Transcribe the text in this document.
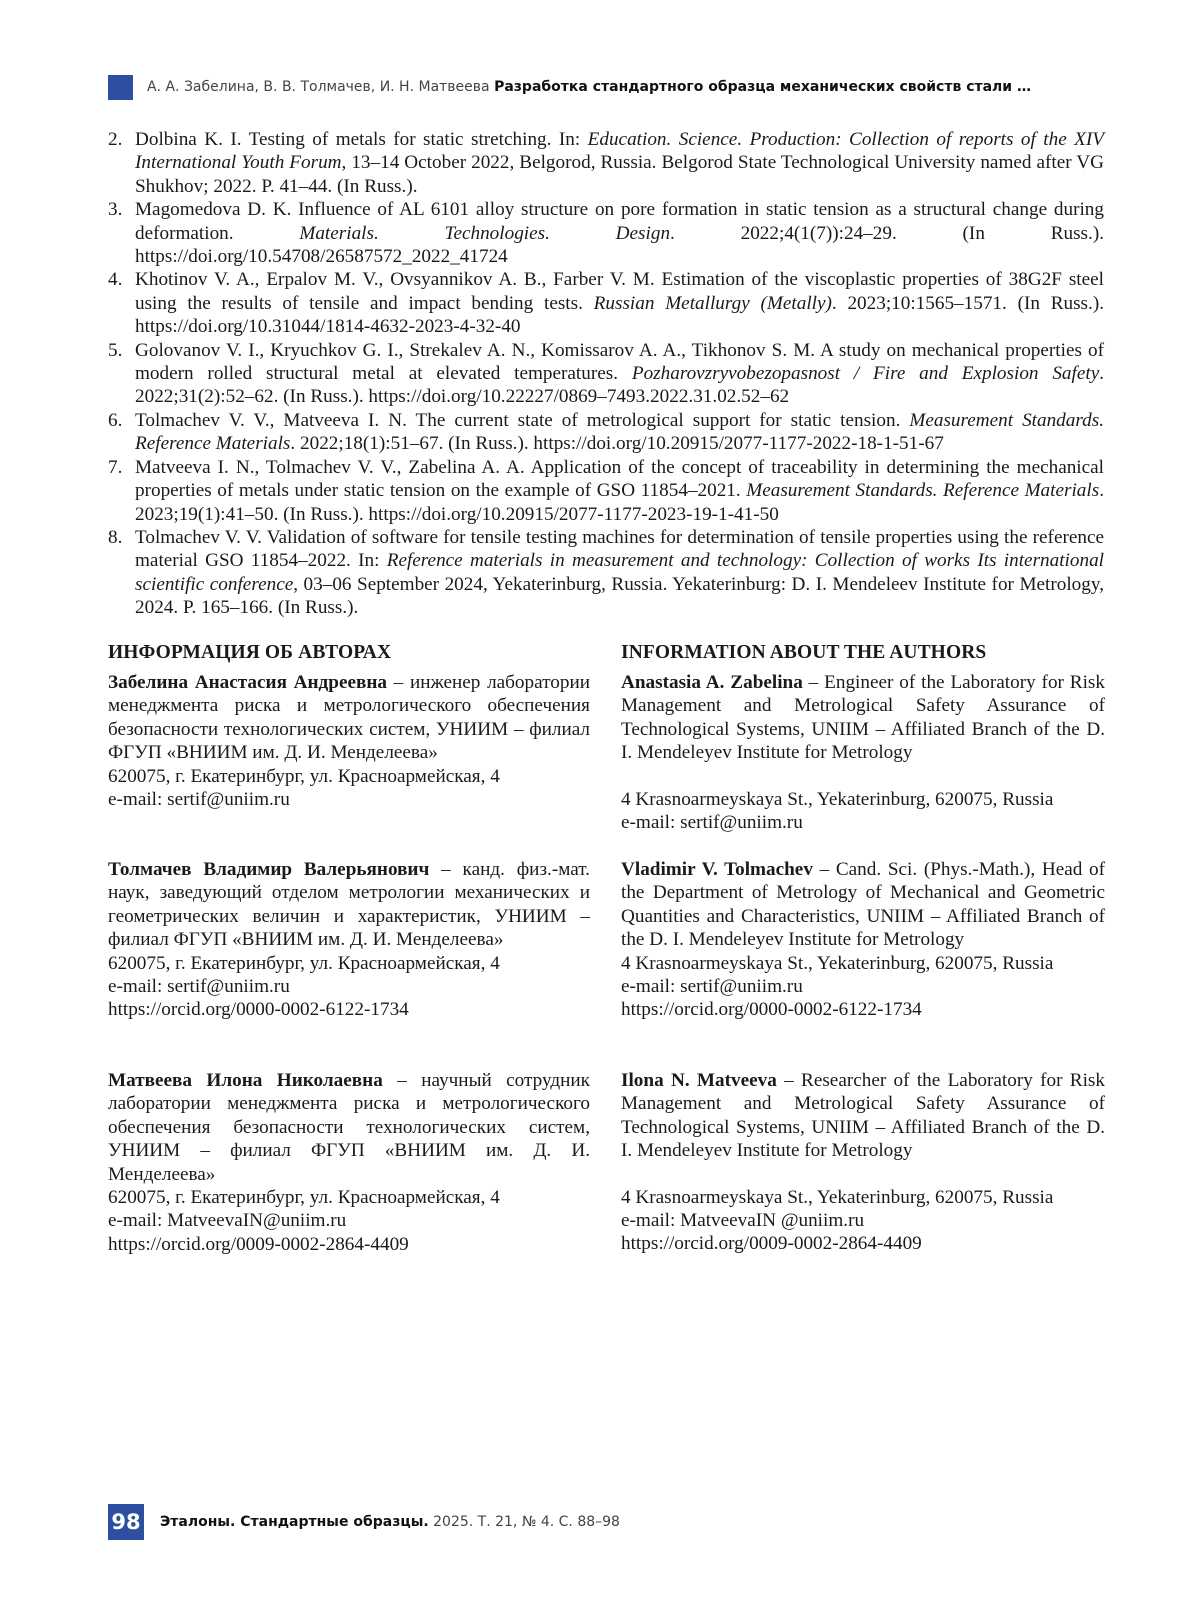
А. А. Забелина, В. В. Толмачев, И. Н. Матвеева Разработка стандартного образца механических свойств стали …
2. Dolbina K. I. Testing of metals for static stretching. In: Education. Science. Production: Collection of reports of the XIV International Youth Forum, 13–14 October 2022, Belgorod, Russia. Belgorod State Technological University named after VG Shukhov; 2022. P. 41–44. (In Russ.).
3. Magomedova D. K. Influence of AL 6101 alloy structure on pore formation in static tension as a structural change during deformation. Materials. Technologies. Design. 2022;4(1(7)):24–29. (In Russ.). https://doi.org/10.54708/26587572_2022_41724
4. Khotinov V. A., Erpalov M. V., Ovsyannikov A. B., Farber V. M. Estimation of the viscoplastic properties of 38G2F steel using the results of tensile and impact bending tests. Russian Metallurgy (Metally). 2023;10:1565–1571. (In Russ.). https://doi.org/10.31044/1814-4632-2023-4-32-40
5. Golovanov V. I., Kryuchkov G. I., Strekalev A. N., Komissarov A. A., Tikhonov S. M. A study on mechanical properties of modern rolled structural metal at elevated temperatures. Pozharovzryvobezopasnost / Fire and Explosion Safety. 2022;31(2):52–62. (In Russ.). https://doi.org/10.22227/0869–7493.2022.31.02.52–62
6. Tolmachev V. V., Matveeva I. N. The current state of metrological support for static tension. Measurement Standards. Reference Materials. 2022;18(1):51–67. (In Russ.). https://doi.org/10.20915/2077-1177-2022-18-1-51-67
7. Matveeva I. N., Tolmachev V. V., Zabelina A. A. Application of the concept of traceability in determining the mechanical properties of metals under static tension on the example of GSO 11854–2021. Measurement Standards. Reference Materials. 2023;19(1):41–50. (In Russ.). https://doi.org/10.20915/2077-1177-2023-19-1-41-50
8. Tolmachev V. V. Validation of software for tensile testing machines for determination of tensile properties using the reference material GSO 11854–2022. In: Reference materials in measurement and technology: Collection of works Its international scientific conference, 03–06 September 2024, Yekaterinburg, Russia. Yekaterinburg: D. I. Mendeleev Institute for Metrology, 2024. P. 165–166. (In Russ.).
ИНФОРМАЦИЯ ОБ АВТОРАХ

Забелина Анастасия Андреевна – инженер лаборатории менеджмента риска и метрологического обеспечения безопасности технологических систем, УНИИМ – филиал ФГУП «ВНИИМ им. Д. И. Менделеева»

620075, г. Екатеринбург, ул. Красноармейская, 4

e-mail: sertif@uniim.ru

Толмачев Владимир Валерьянович – канд. физ.-мат. наук, заведующий отделом метрологии механических и геометрических величин и характеристик, УНИИМ – филиал ФГУП «ВНИИМ им. Д. И. Менделеева»

620075, г. Екатеринбург, ул. Красноармейская, 4

e-mail: sertif@uniim.ru

https://orcid.org/0000-0002-6122-1734

Матвеева Илона Николаевна – научный сотрудник лаборатории менеджмента риска и метрологического обеспечения безопасности технологических систем, УНИИМ – филиал ФГУП «ВНИИМ им. Д. И. Менделеева»

620075, г. Екатеринбург, ул. Красноармейская, 4

e-mail: MatveevaIN@uniim.ru

https://orcid.org/0009-0002-2864-4409

INFORMATION ABOUT THE AUTHORS

Anastasia A. Zabelina – Engineer of the Laboratory for Risk Management and Metrological Safety Assurance of Technological Systems, UNIIM – Affiliated Branch of the D. I. Mendeleyev Institute for Metrology

4 Krasnoarmeyskaya St., Yekaterinburg, 620075, Russia

e-mail: sertif@uniim.ru

Vladimir V. Tolmachev – Cand. Sci. (Phys.-Math.), Head of the Department of Metrology of Mechanical and Geometric Quantities and Characteristics, UNIIM – Affiliated Branch of the D. I. Mendeleyev Institute for Metrology

4 Krasnoarmeyskaya St., Yekaterinburg, 620075, Russia

e-mail: sertif@uniim.ru

https://orcid.org/0000-0002-6122-1734

Ilona N. Matveeva – Researcher of the Laboratory for Risk Management and Metrological Safety Assurance of Technological Systems, UNIIM – Affiliated Branch of the D. I. Mendeleyev Institute for Metrology

4 Krasnoarmeyskaya St., Yekaterinburg, 620075, Russia

e-mail: MatveevaIN @uniim.ru

https://orcid.org/0009-0002-2864-4409

98 Эталоны. Стандартные образцы. 2025. Т. 21, № 4. С. 88–98
